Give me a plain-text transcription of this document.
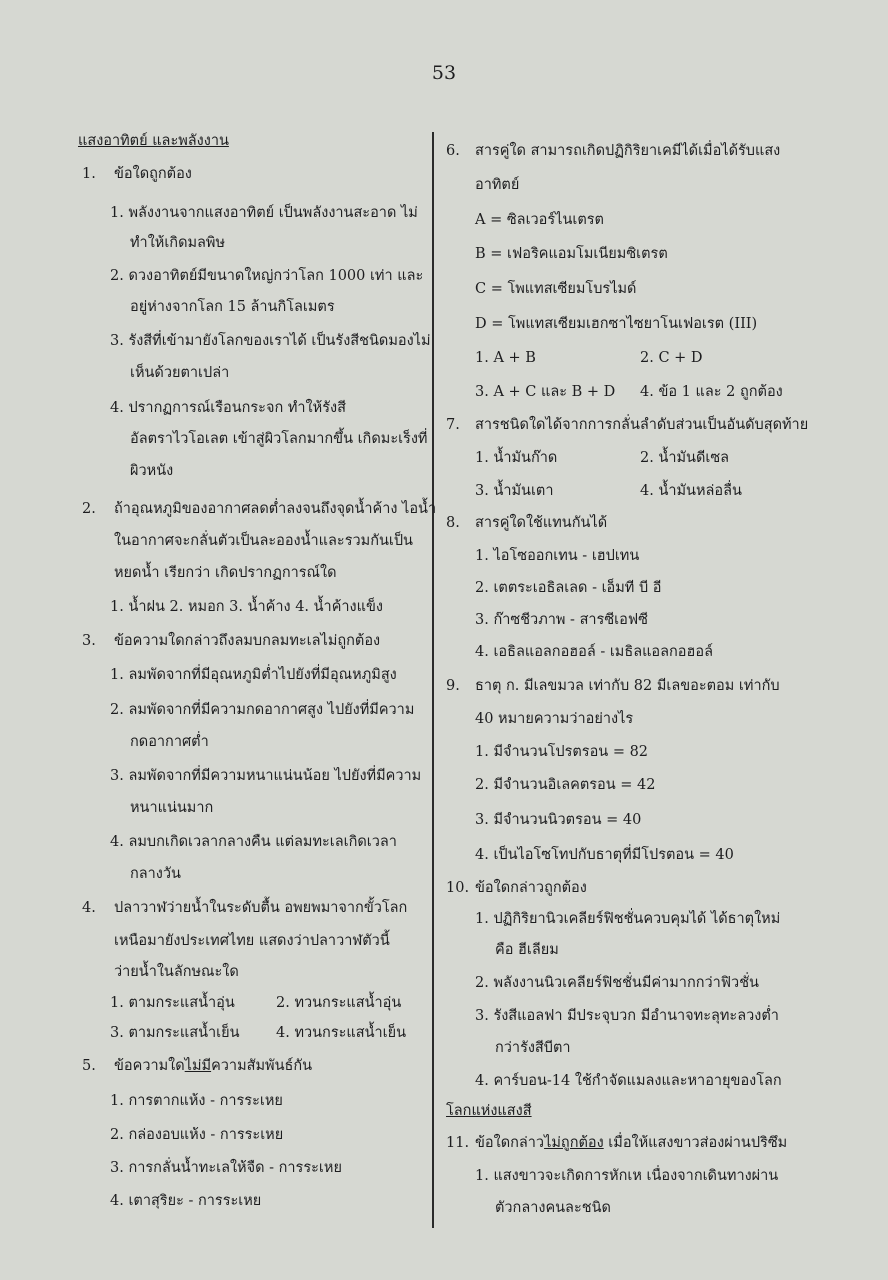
53
แสงอาทิตย์ และพลังงาน
1. ข้อใดถูกต้อง
1. พลังงานจากแสงอาทิตย์ เป็นพลังงานสะอาด ไม่
ทำให้เกิดมลพิษ
2. ดวงอาทิตย์มีขนาดใหญ่กว่าโลก 1000 เท่า และ
อยู่ห่างจากโลก 15 ล้านกิโลเมตร
3. รังสีที่เข้ามายังโลกของเราได้ เป็นรังสีชนิดมองไม่
เห็นด้วยตาเปล่า
4. ปรากฏการณ์เรือนกระจก ทำให้รังสี
อัลตราไวโอเลต เข้าสู่ผิวโลกมากขึ้น เกิดมะเร็งที่
ผิวหนัง
2. ถ้าอุณหภูมิของอากาศลดต่ำลงจนถึงจุดน้ำค้าง ไอน้ำ
ในอากาศจะกลั่นตัวเป็นละอองน้ำและรวมกันเป็น
หยดน้ำ เรียกว่า เกิดปรากฏการณ์ใด
1. น้ำฝน 2. หมอก 3. น้ำค้าง 4. น้ำค้างแข็ง
3. ข้อความใดกล่าวถึงลมบกลมทะเลไม่ถูกต้อง
1. ลมพัดจากที่มีอุณหภูมิต่ำไปยังที่มีอุณหภูมิสูง
2. ลมพัดจากที่มีความกดอากาศสูง ไปยังที่มีความ
กดอากาศต่ำ
3. ลมพัดจากที่มีความหนาแน่นน้อย ไปยังที่มีความ
หนาแน่นมาก
4. ลมบกเกิดเวลากลางคืน แต่ลมทะเลเกิดเวลา
กลางวัน
4. ปลาวาฬว่ายน้ำในระดับตื้น อพยพมาจากขั้วโลก
เหนือมายังประเทศไทย แสดงว่าปลาวาฬตัวนี้
ว่ายน้ำในลักษณะใด
1. ตามกระแสน้ำอุ่น	2. ทวนกระแสน้ำอุ่น
3. ตามกระแสน้ำเย็น	4. ทวนกระแสน้ำเย็น
5. ข้อความใดไม่มีความสัมพันธ์กัน
1. การตากแห้ง - การระเหย
2. กล่องอบแห้ง - การระเหย
3. การกลั่นน้ำทะเลให้จืด - การระเหย
4. เตาสุริยะ - การระเหย
6. สารคู่ใด สามารถเกิดปฏิกิริยาเคมีได้เมื่อได้รับแสง
อาทิตย์
A = ซิลเวอร์ไนเตรต
B = เฟอริคแอมโมเนียมซิเตรต
C = โพแทสเซียมโบรไมด์
D = โพแทสเซียมเฮกซาไซยาโนเฟอเรต (III)
1. A + B	2. C + D
3. A + C และ B + D 4. ข้อ 1 และ 2 ถูกต้อง
7. สารชนิดใดได้จากการกลั่นลำดับส่วนเป็นอันดับสุดท้าย
1. น้ำมันก๊าด	2. น้ำมันดีเซล
3. น้ำมันเตา	4. น้ำมันหล่อลื่น
8. สารคู่ใดใช้แทนกันได้
1. ไอโซออกเทน - เฮปเทน
2. เตตระเอธิลเลด - เอ็มที บี อี
3. ก๊าซชีวภาพ - สารซีเอฟซี
4. เอธิลแอลกอฮอล์ - เมธิลแอลกอฮอล์
9. ธาตุ ก. มีเลขมวล เท่ากับ 82 มีเลขอะตอม เท่ากับ
40 หมายความว่าอย่างไร
1. มีจำนวนโปรตรอน = 82
2. มีจำนวนอิเลคตรอน = 42
3. มีจำนวนนิวตรอน = 40
4. เป็นไอโซโทปกับธาตุที่มีโปรตอน = 40
10. ข้อใดกล่าวถูกต้อง
1. ปฏิกิริยานิวเคลียร์ฟิชชั่นควบคุมได้ ได้ธาตุใหม่
คือ ฮีเลียม
2. พลังงานนิวเคลียร์ฟิชชั่นมีค่ามากกว่าฟิวชั่น
3. รังสีแอลฟา มีประจุบวก มีอำนาจทะลุทะลวงต่ำ
กว่ารังสีบีตา
4. คาร์บอน-14 ใช้กำจัดแมลงและหาอายุของโลก
โลกแห่งแสงสี
11. ข้อใดกล่าวไม่ถูกต้อง เมื่อให้แสงขาวส่องผ่านปริซึม
1. แสงขาวจะเกิดการหักเห เนื่องจากเดินทางผ่าน
ตัวกลางคนละชนิด
